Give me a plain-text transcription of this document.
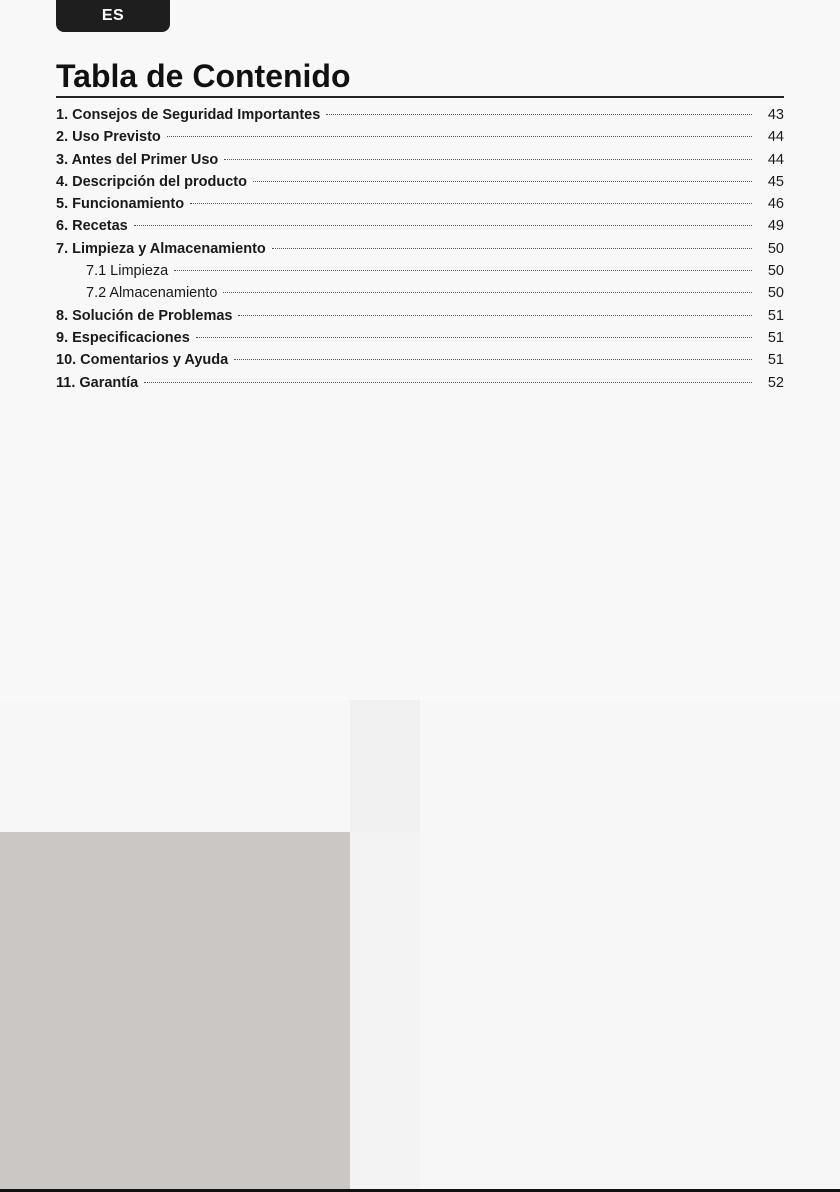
ES
Tabla de Contenido
1. Consejos de Seguridad Importantes	43
2. Uso Previsto	44
3. Antes del Primer Uso	44
4. Descripción del producto	45
5. Funcionamiento	46
6. Recetas	49
7. Limpieza y Almacenamiento	50
7.1 Limpieza	50
7.2 Almacenamiento	50
8. Solución de Problemas	51
9. Especificaciones	51
10. Comentarios y Ayuda	51
11. Garantía	52
